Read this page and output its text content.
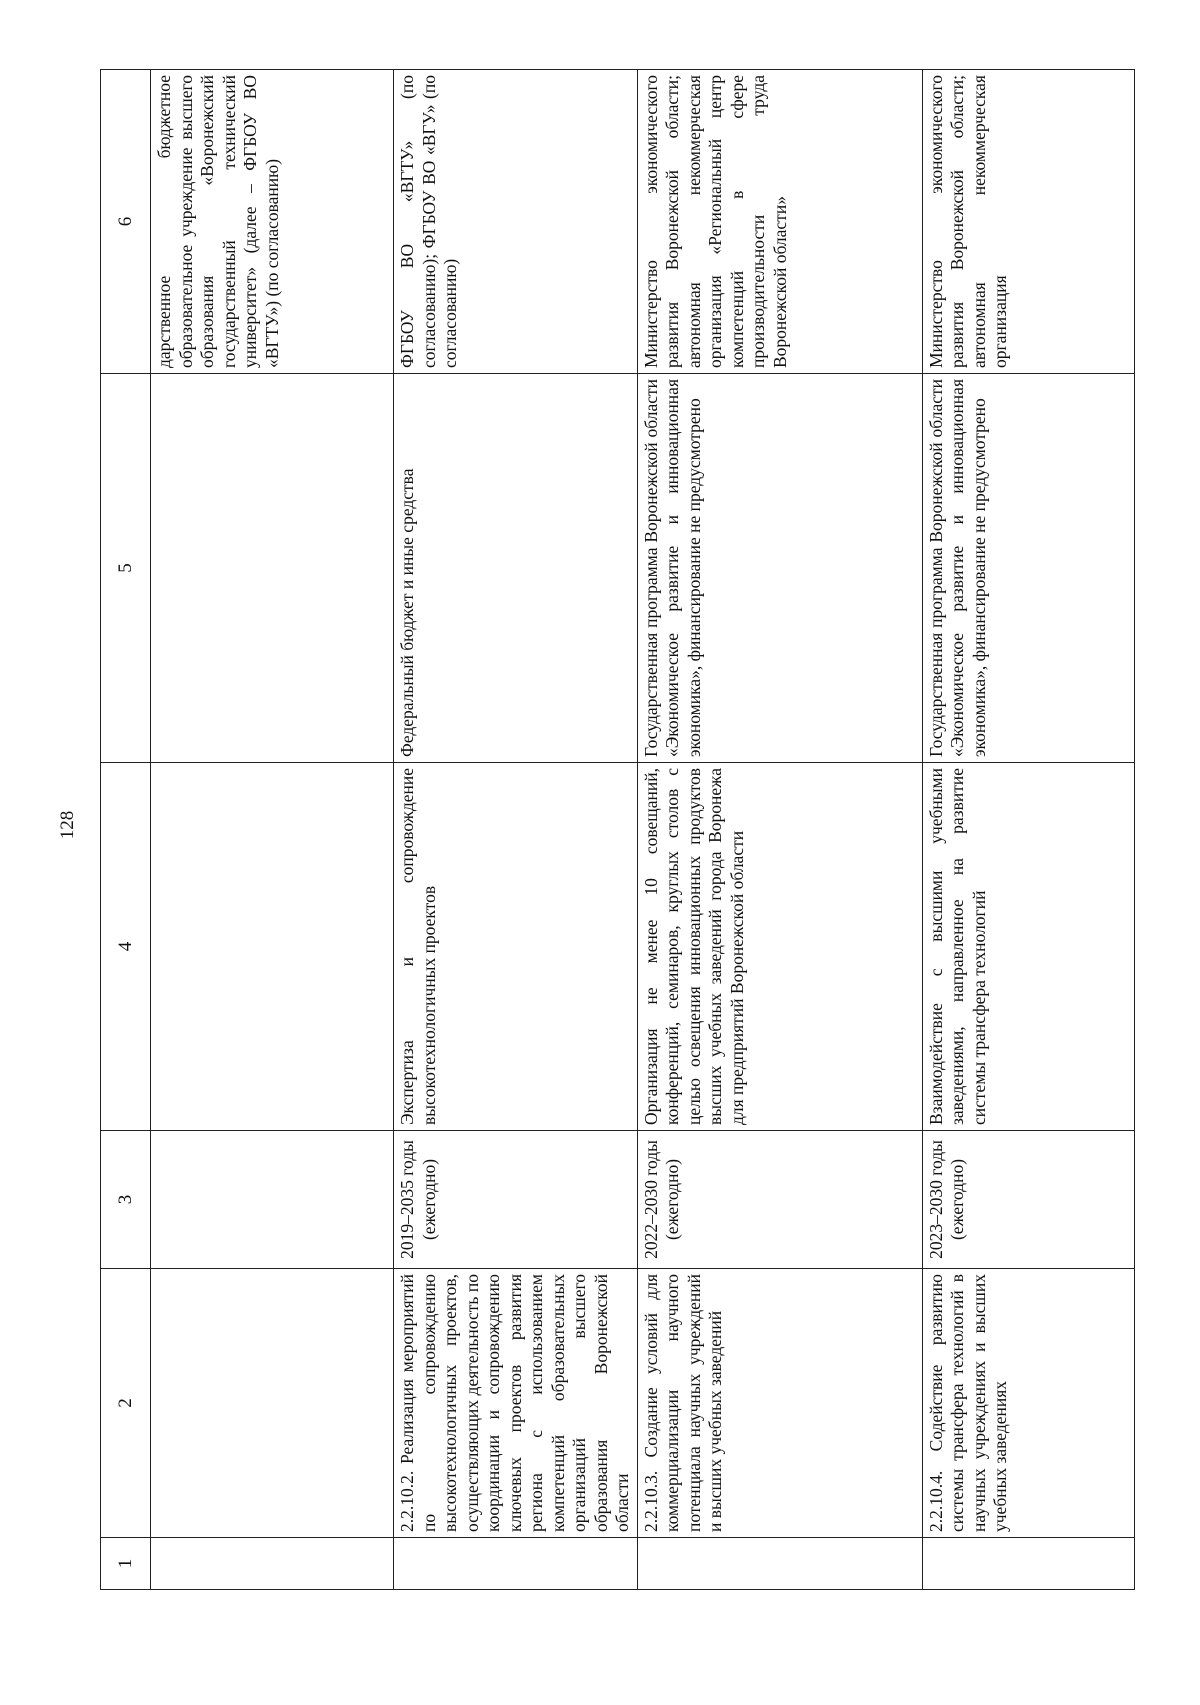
128
1	2	3	4	5	6
					дарственное бюджетное образовательное учреждение высшего образования «Воронежский государственный технический университет» (далее – ФГБОУ ВО «ВГТУ») (по согласованию)
	2.2.10.2. Реализация мероприятий по сопровождению высокотехнологичных проектов, осуществляющих деятельность по координации и сопровождению ключевых проектов развития региона с использованием компетенций образовательных организаций высшего образования Воронежской области	2019–2035 годы (ежегодно)	Экспертиза и сопровождение высокотехнологичных проектов	Федеральный бюджет и иные средства	ФГБОУ ВО «ВГТУ» (по согласованию); ФГБОУ ВО «ВГУ» (по согласованию)
	2.2.10.3. Создание условий для коммерциализации научного потенциала научных учреждений и высших учебных заведений	2022–2030 годы (ежегодно)	Организация не менее 10 совещаний, конференций, семинаров, круглых столов с целью освещения инновационных продуктов высших учебных заведений города Воронежа для предприятий Воронежской области	Государственная программа Воронежской области «Экономическое развитие и инновационная экономика», финансирование не предусмотрено	Министерство экономического развития Воронежской области; автономная некоммерческая организация «Региональный центр компетенций в сфере производительности труда Воронежской области»
	2.2.10.4. Содействие развитию системы трансфера технологий в научных учреждениях и высших учебных заведениях	2023–2030 годы (ежегодно)	Взаимодействие с высшими учебными заведениями, направленное на развитие системы трансфера технологий	Государственная программа Воронежской области «Экономическое развитие и инновационная экономика», финансирование не предусмотрено	Министерство экономического развития Воронежской области; автономная некоммерческая организация
